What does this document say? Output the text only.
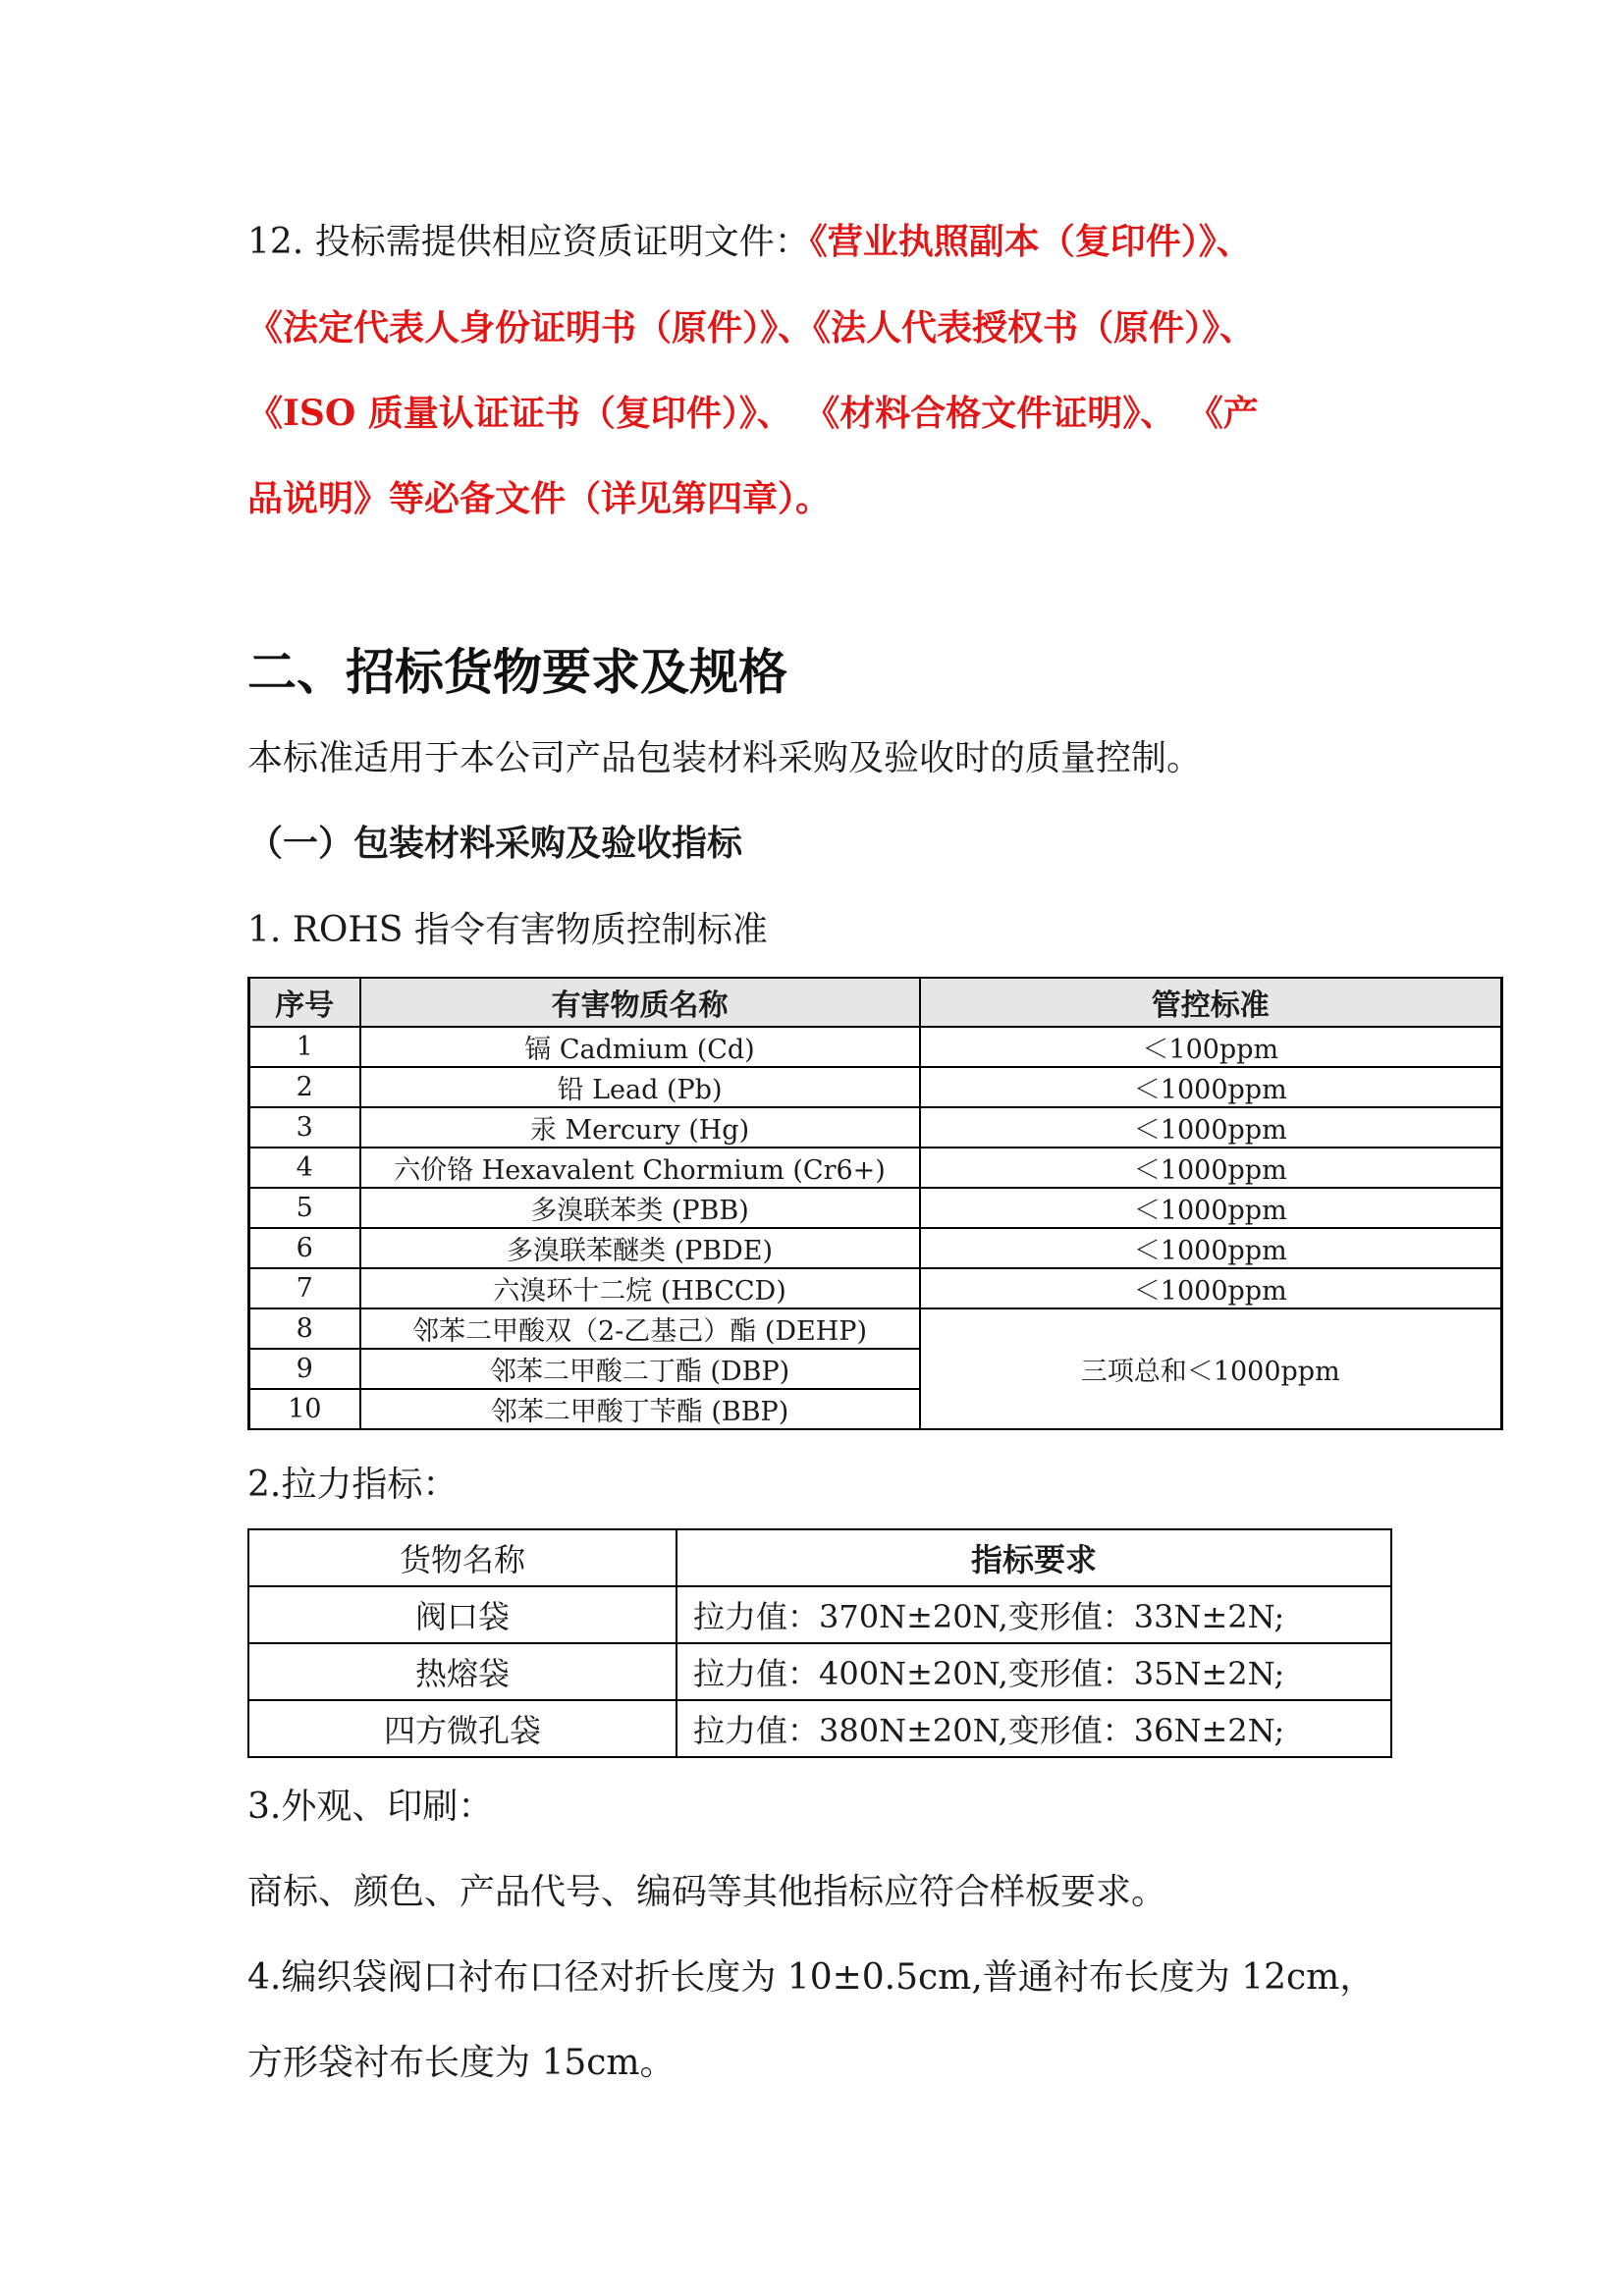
12. 投标需提供相应资质证明文件：《营业执照副本（复印件）》、
《法定代表人身份证明书（原件）》、《法人代表授权书（原件）》、
《ISO 质量认证证书（复印件）》、 《材料合格文件证明》、 《产
品说明》等必备文件（详见第四章）。
二、招标货物要求及规格
本标准适用于本公司产品包装材料采购及验收时的质量控制。
（一）包装材料采购及验收指标
1. ROHS 指令有害物质控制标准
序号	有害物质名称	管控标准
1	镉 Cadmium (Cd)	＜100ppm
2	铅 Lead (Pb)	＜1000ppm
3	汞 Mercury (Hg)	＜1000ppm
4	六价铬 Hexavalent Chormium (Cr6+)	＜1000ppm
5	多溴联苯类 (PBB)	＜1000ppm
6	多溴联苯醚类 (PBDE)	＜1000ppm
7	六溴环十二烷 (HBCCD)	＜1000ppm
8	邻苯二甲酸双（2-乙基己）酯 (DEHP)	三项总和＜1000ppm
9	邻苯二甲酸二丁酯 (DBP)	
10	邻苯二甲酸丁苄酯 (BBP)	
2.拉力指标：
货物名称	指标要求
阀口袋	拉力值：370N±20N,变形值：33N±2N;
热熔袋	拉力值：400N±20N,变形值：35N±2N;
四方微孔袋	拉力值：380N±20N,变形值：36N±2N;
3.外观、印刷：
商标、颜色、产品代号、编码等其他指标应符合样板要求。
4.编织袋阀口衬布口径对折长度为 10±0.5cm,普通衬布长度为 12cm，
方形袋衬布长度为 15cm。
